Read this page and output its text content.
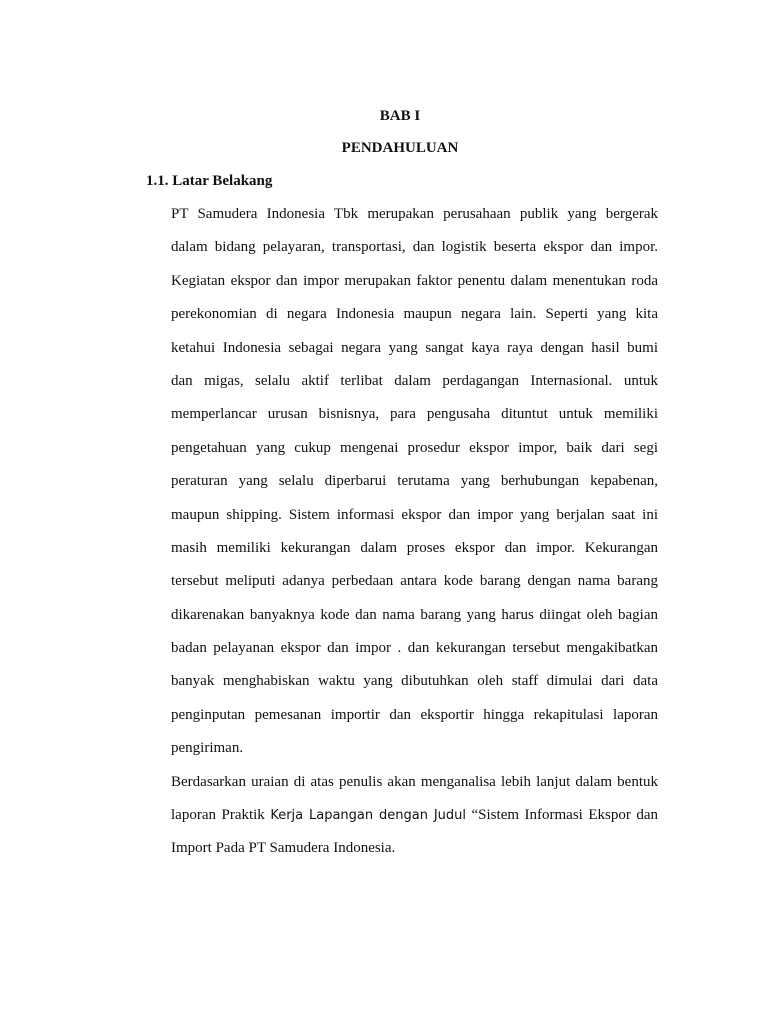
BAB I
PENDAHULUAN
1.1. Latar Belakang
PT Samudera Indonesia Tbk merupakan perusahaan publik yang bergerak
dalam bidang pelayaran, transportasi, dan logistik beserta ekspor dan impor.
Kegiatan ekspor dan impor merupakan faktor penentu dalam menentukan roda
perekonomian di negara Indonesia maupun negara lain. Seperti yang kita
ketahui Indonesia sebagai negara yang sangat kaya raya dengan hasil bumi
dan migas, selalu aktif terlibat dalam perdagangan Internasional. untuk
memperlancar urusan bisnisnya, para pengusaha dituntut untuk memiliki
pengetahuan yang cukup mengenai prosedur ekspor impor, baik dari segi
peraturan yang selalu diperbarui terutama yang berhubungan kepabenan,
maupun shipping. Sistem informasi ekspor dan impor yang berjalan saat ini
masih memiliki kekurangan dalam proses ekspor dan impor. Kekurangan
tersebut meliputi adanya perbedaan antara kode barang dengan nama barang
dikarenakan banyaknya kode dan nama barang yang harus diingat oleh bagian
badan pelayanan ekspor dan impor . dan kekurangan tersebut mengakibatkan
banyak menghabiskan waktu yang dibutuhkan oleh staff dimulai dari data
penginputan pemesanan importir dan eksportir hingga rekapitulasi laporan
pengiriman.
Berdasarkan uraian di atas penulis akan menganalisa lebih lanjut dalam bentuk
laporan Praktik Kerja Lapangan dengan Judul “Sistem Informasi Ekspor dan
Import Pada PT Samudera Indonesia.
